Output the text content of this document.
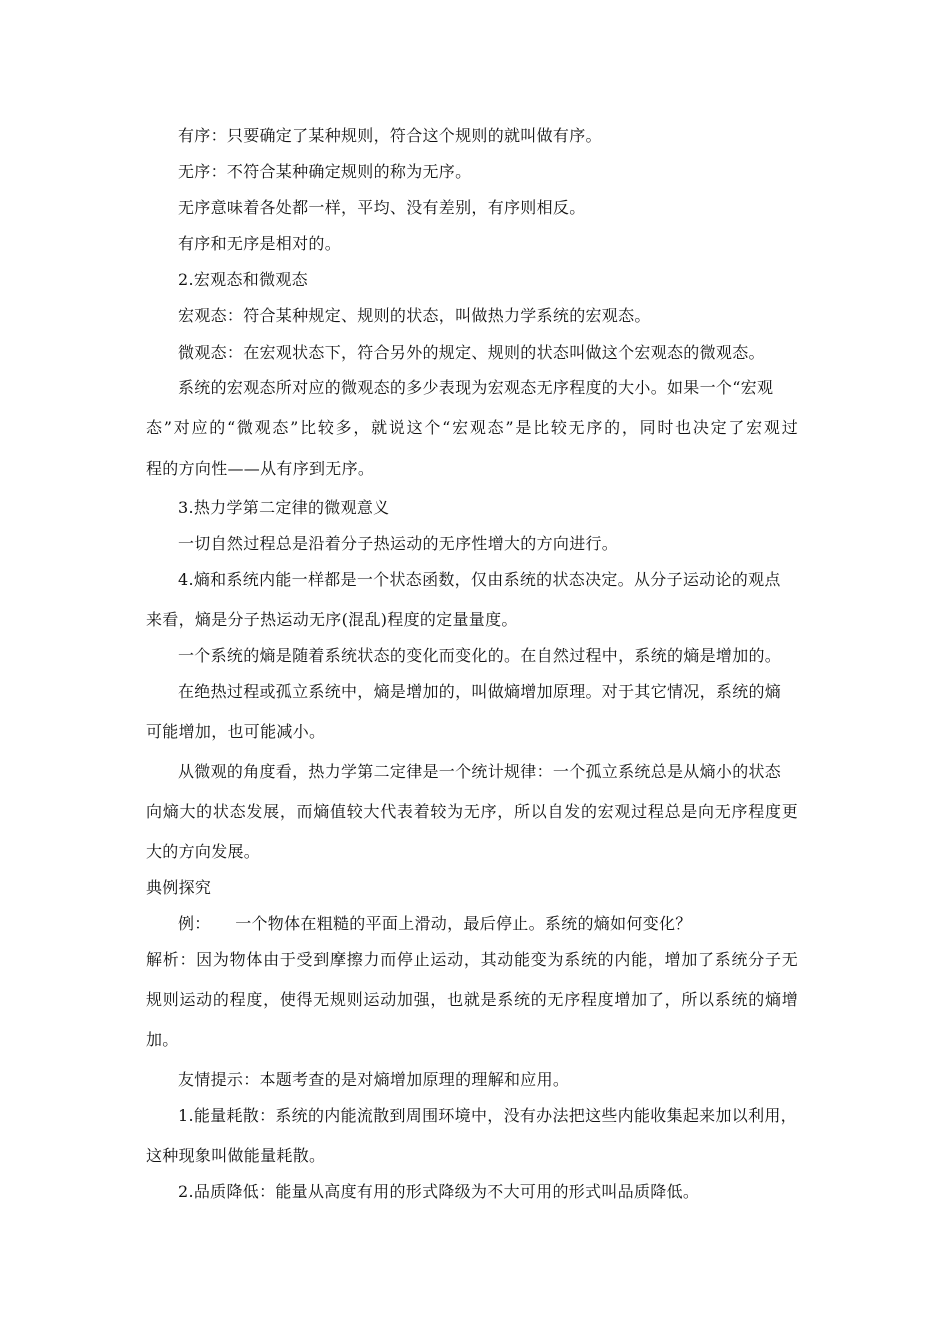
有序：只要确定了某种规则，符合这个规则的就叫做有序。
无序：不符合某种确定规则的称为无序。
无序意味着各处都一样，平均、没有差别，有序则相反。
有序和无序是相对的。
2.宏观态和微观态
宏观态：符合某种规定、规则的状态，叫做热力学系统的宏观态。
微观态：在宏观状态下，符合另外的规定、规则的状态叫做这个宏观态的微观态。
系统的宏观态所对应的微观态的多少表现为宏观态无序程度的大小。如果一个“宏观
态”对应的“微观态”比较多，就说这个“宏观态”是比较无序的，同时也决定了宏观过
程的方向性——从有序到无序。
3.热力学第二定律的微观意义
一切自然过程总是沿着分子热运动的无序性增大的方向进行。
4.熵和系统内能一样都是一个状态函数，仅由系统的状态决定。从分子运动论的观点
来看，熵是分子热运动无序(混乱)程度的定量量度。
一个系统的熵是随着系统状态的变化而变化的。在自然过程中，系统的熵是增加的。
在绝热过程或孤立系统中，熵是增加的，叫做熵增加原理。对于其它情况，系统的熵
可能增加，也可能减小。
从微观的角度看，热力学第二定律是一个统计规律：一个孤立系统总是从熵小的状态
向熵大的状态发展，而熵值较大代表着较为无序，所以自发的宏观过程总是向无序程度更
大的方向发展。
典例探究
例：　　一个物体在粗糙的平面上滑动，最后停止。系统的熵如何变化？
解析：因为物体由于受到摩擦力而停止运动，其动能变为系统的内能，增加了系统分子无
规则运动的程度，使得无规则运动加强，也就是系统的无序程度增加了，所以系统的熵增
加。
友情提示：本题考查的是对熵增加原理的理解和应用。
1.能量耗散：系统的内能流散到周围环境中，没有办法把这些内能收集起来加以利用，
这种现象叫做能量耗散。
2.品质降低：能量从高度有用的形式降级为不大可用的形式叫品质降低。
